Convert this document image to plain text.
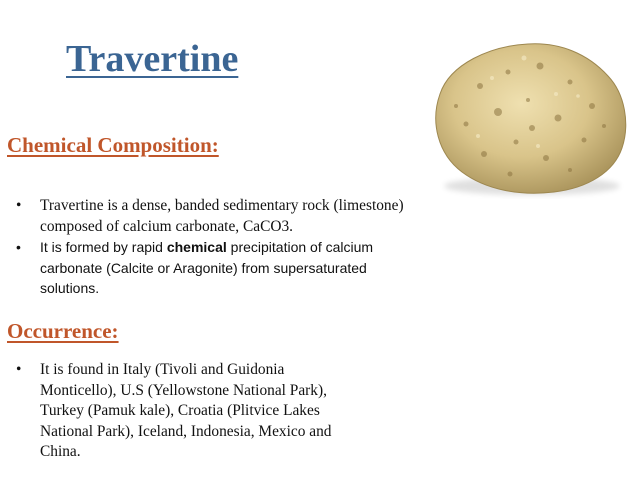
Travertine
Chemical Composition:
• Travertine is a dense, banded sedimentary rock (limestone) composed of calcium carbonate, CaCO3.
• It is formed by rapid chemical precipitation of calcium carbonate (Calcite or Aragonite) from supersaturated solutions.
Occurrence:
• It is found in Italy (Tivoli and Guidonia Monticello), U.S (Yellowstone National Park), Turkey (Pamuk kale), Croatia (Plitvice Lakes National Park), Iceland, Indonesia, Mexico and China.
